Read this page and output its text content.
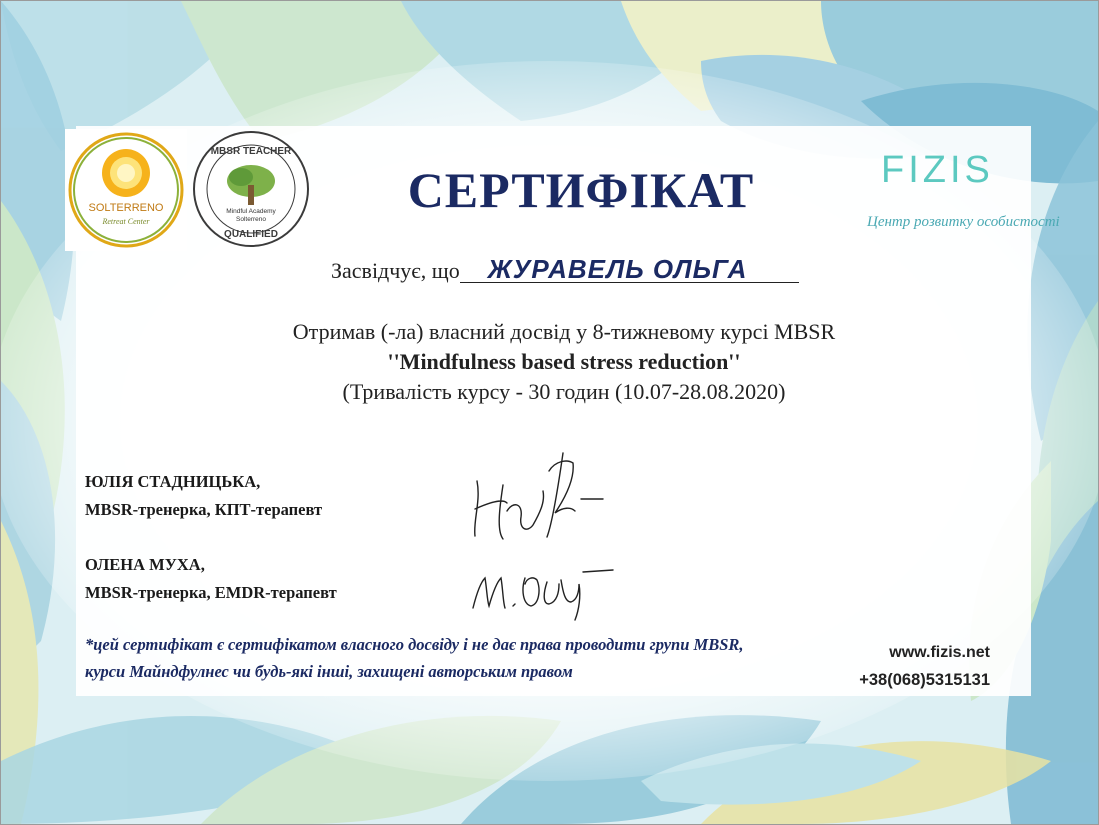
SOLTERRENO
Retreat Center
MBSR TEACHER
Mindful Academy
Solterreno
QUALIFIED
FIZIS
Центр розвитку особистості
СЕРТИФІКАТ
Засвідчує, що ЖУРАВЕЛЬ ОЛЬГА
Отримав (-ла) власний досвід у 8-тижневому курсі MBSR
''Mindfulness based stress reduction''
(Тривалість курсу - 30 годин (10.07-28.08.2020)
ЮЛІЯ СТАДНИЦЬКА,
MBSR-тренерка, КПТ-терапевт
ОЛЕНА МУХА,
MBSR-тренерка, EMDR-терапевт
*цей сертифікат є сертифікатом власного досвіду і не дає права проводити групи MBSR, курси Майндфулнес чи будь-які інші, захищені авторським правом
www.fizis.net
+38(068)5315131
